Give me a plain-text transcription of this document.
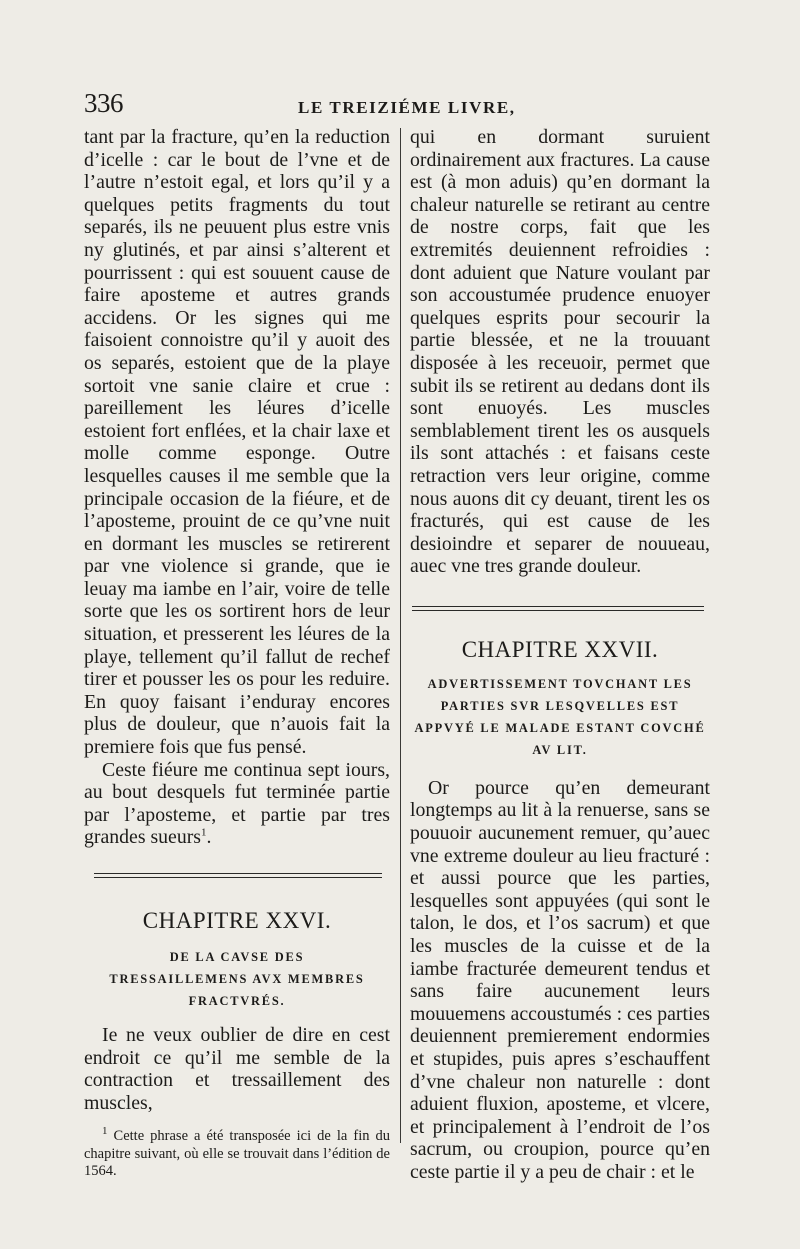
336	LE TREIZIÉME LIVRE,

tant par la fracture, qu’en la reduction d’icelle : car le bout de l’vne et de l’autre n’estoit egal, et lors qu’il y a quelques petits fragments du tout separés, ils ne peuuent plus estre vnis ny glutinés, et par ainsi s’alterent et pourrissent : qui est souuent cause de faire aposteme et autres grands accidens. Or les signes qui me faisoient connoistre qu’il y auoit des os separés, estoient que de la playe sortoit vne sanie claire et crue : pareillement les léures d’icelle estoient fort enflées, et la chair laxe et molle comme esponge. Outre lesquelles causes il me semble que la principale occasion de la fiéure, et de l’aposteme, prouint de ce qu’vne nuit en dormant les muscles se retirerent par vne violence si grande, que ie leuay ma iambe en l’air, voire de telle sorte que les os sortirent hors de leur situation, et presserent les léures de la playe, tellement qu’il fallut de rechef tirer et pousser les os pour les reduire. En quoy faisant i’enduray encores plus de douleur, que n’auois fait la premiere fois que fus pensé.

Ceste fiéure me continua sept iours, au bout desquels fut terminée partie par l’aposteme, et partie par tres grandes sueurs$^1$.

CHAPITRE XXVI.

DE LA CAVSE DES TRESSAILLEMENS AVX MEMBRES FRACTVRÉS.

Ie ne veux oublier de dire en cest endroit ce qu’il me semble de la contraction et tressaillement des muscles,

$^1$ Cette phrase a été transposée ici de la fin du chapitre suivant, où elle se trouvait dans l’édition de 1564.

qui en dormant suruient ordinairement aux fractures. La cause est (à mon aduis) qu’en dormant la chaleur naturelle se retirant au centre de nostre corps, fait que les extremités deuiennent refroidies : dont aduient que Nature voulant par son accoustumée prudence enuoyer quelques esprits pour secourir la partie blessée, et ne la trouuant disposée à les receuoir, permet que subit ils se retirent au dedans dont ils sont enuoyés. Les muscles semblablement tirent les os ausquels ils sont attachés : et faisans ceste retraction vers leur origine, comme nous auons dit cy deuant, tirent les os fracturés, qui est cause de les desioindre et separer de nouueau, auec vne tres grande douleur.

CHAPITRE XXVII.

ADVERTISSEMENT TOVCHANT LES PARTIES SVR LESQVELLES EST APPVYÉ LE MALADE ESTANT COVCHÉ AV LIT.

Or pource qu’en demeurant longtemps au lit à la renuerse, sans se pouuoir aucunement remuer, qu’auec vne extreme douleur au lieu fracturé : et aussi pource que les parties, lesquelles sont appuyées (qui sont le talon, le dos, et l’os sacrum) et que les muscles de la cuisse et de la iambe fracturée demeurent tendus et sans faire aucunement leurs mouuemens accoustumés : ces parties deuiennent premierement endormies et stupides, puis apres s’eschauffent d’vne chaleur non naturelle : dont aduient fluxion, aposteme, et vlcere, et principalement à l’endroit de l’os sacrum, ou croupion, pource qu’en ceste partie il y a peu de chair : et le
